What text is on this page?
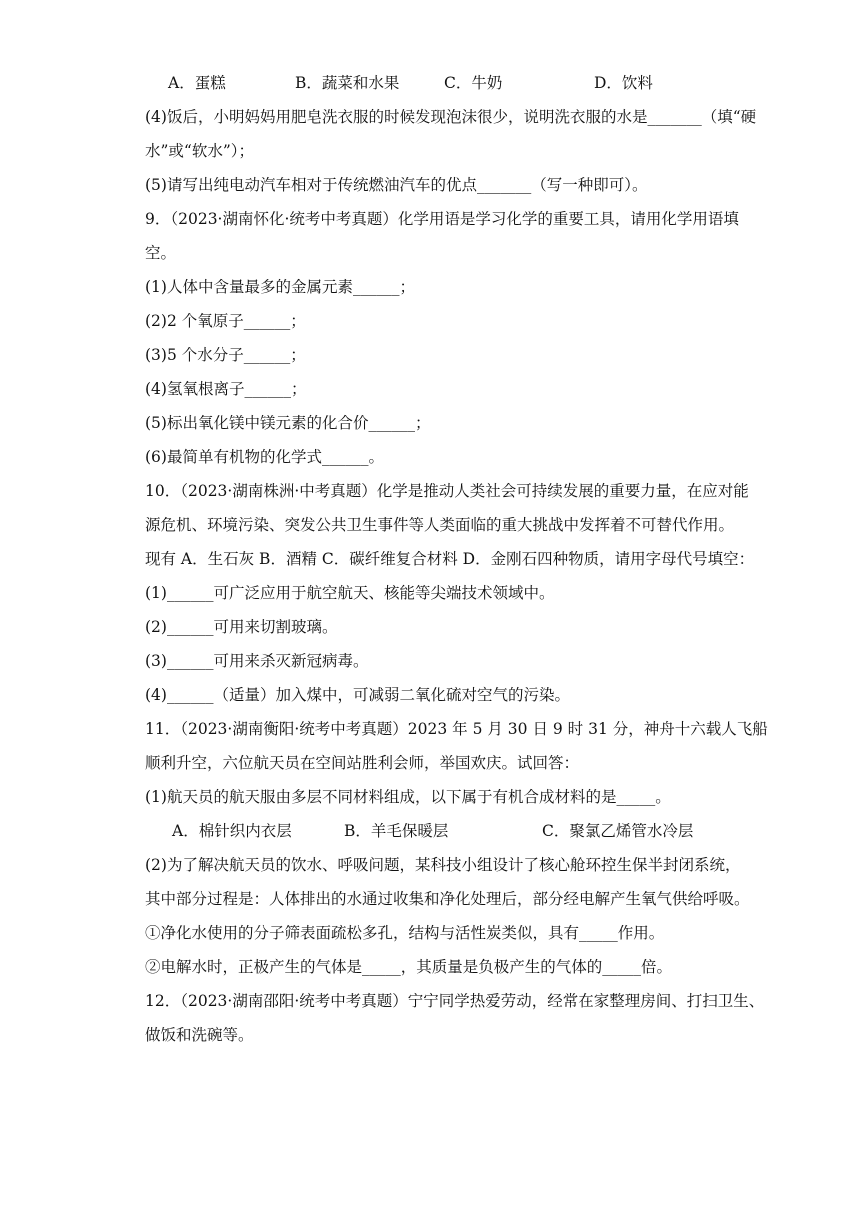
A．蛋糕	B．蔬菜和水果	C．牛奶	D．饮料
(4)饭后，小明妈妈用肥皂洗衣服的时候发现泡沫很少，说明洗衣服的水是_______（填“硬
水”或“软水”）；
(5)请写出纯电动汽车相对于传统燃油汽车的优点_______（写一种即可）。
9．（2023·湖南怀化·统考中考真题）化学用语是学习化学的重要工具，请用化学用语填
空。
(1)人体中含量最多的金属元素______；
(2)2 个氧原子______；
(3)5 个水分子______；
(4)氢氧根离子______；
(5)标出氧化镁中镁元素的化合价______；
(6)最简单有机物的化学式______。
10．（2023·湖南株洲·中考真题）化学是推动人类社会可持续发展的重要力量，在应对能
源危机、环境污染、突发公共卫生事件等人类面临的重大挑战中发挥着不可替代作用。
现有 A．生石灰 B．酒精 C．碳纤维复合材料 D．金刚石四种物质，请用字母代号填空：
(1)______可广泛应用于航空航天、核能等尖端技术领域中。
(2)______可用来切割玻璃。
(3)______可用来杀灭新冠病毒。
(4)______（适量）加入煤中，可减弱二氧化硫对空气的污染。
11．（2023·湖南衡阳·统考中考真题）2023 年 5 月 30 日 9 时 31 分，神舟十六载人飞船
顺利升空，六位航天员在空间站胜利会师，举国欢庆。试回答：
(1)航天员的航天服由多层不同材料组成，以下属于有机合成材料的是_____。
A．棉针织内衣层	B．羊毛保暖层	C．聚氯乙烯管水冷层
(2)为了解决航天员的饮水、呼吸问题，某科技小组设计了核心舱环控生保半封闭系统，
其中部分过程是：人体排出的水通过收集和净化处理后，部分经电解产生氧气供给呼吸。
①净化水使用的分子筛表面疏松多孔，结构与活性炭类似，具有_____作用。
②电解水时，正极产生的气体是_____，其质量是负极产生的气体的_____倍。
12．（2023·湖南邵阳·统考中考真题）宁宁同学热爱劳动，经常在家整理房间、打扫卫生、
做饭和洗碗等。
